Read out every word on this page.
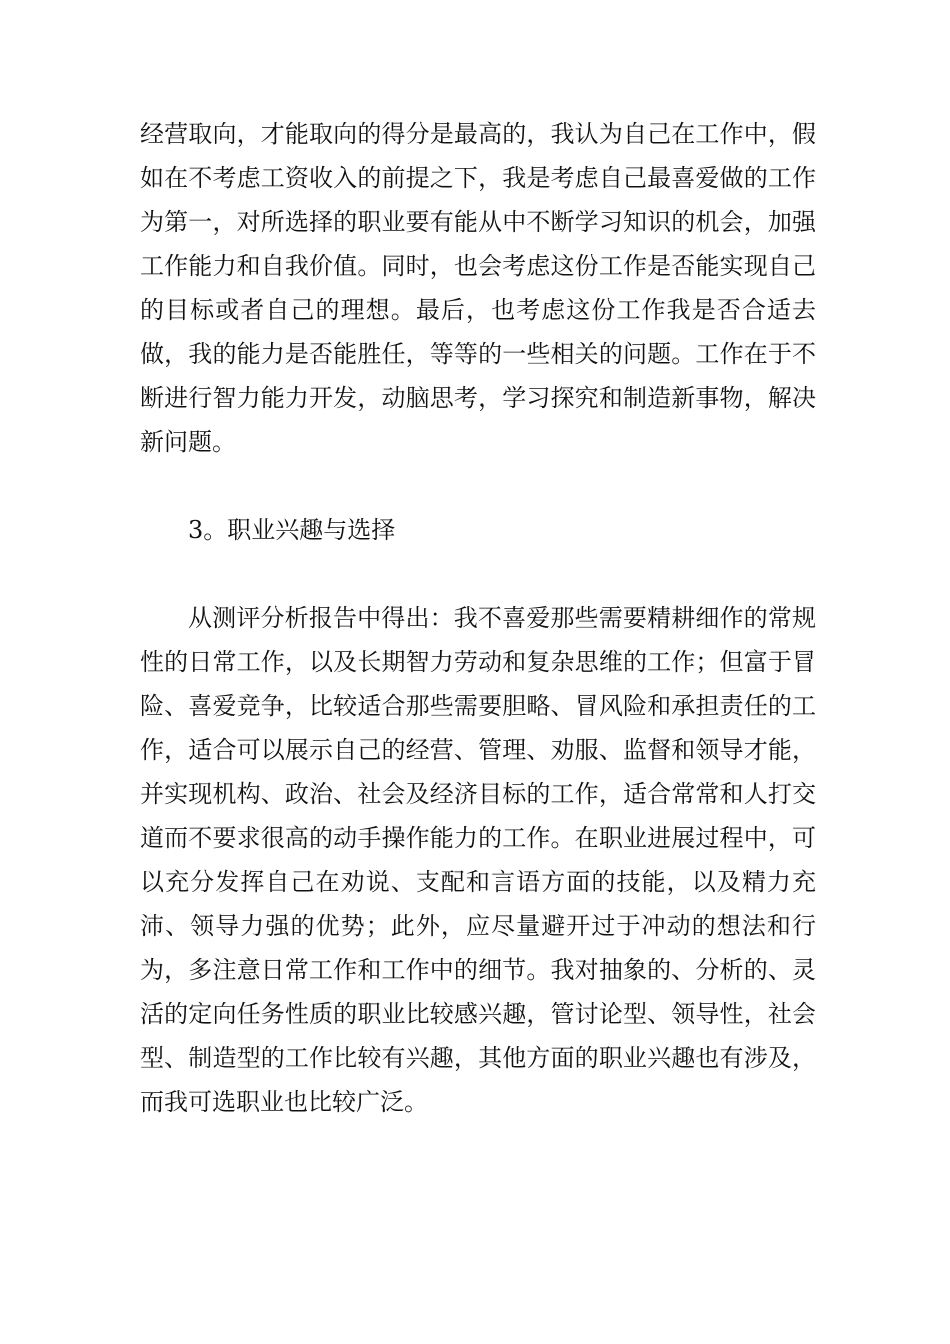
经营取向，才能取向的得分是最高的，我认为自己在工作中，假
如在不考虑工资收入的前提之下，我是考虑自己最喜爱做的工作
为第一，对所选择的职业要有能从中不断学习知识的机会，加强
工作能力和自我价值。同时，也会考虑这份工作是否能实现自己
的目标或者自己的理想。最后，也考虑这份工作我是否合适去
做，我的能力是否能胜任，等等的一些相关的问题。工作在于不
断进行智力能力开发，动脑思考，学习探究和制造新事物，解决
新问题。
3。职业兴趣与选择
从测评分析报告中得出：我不喜爱那些需要精耕细作的常规
性的日常工作，以及长期智力劳动和复杂思维的工作；但富于冒
险、喜爱竞争，比较适合那些需要胆略、冒风险和承担责任的工
作，适合可以展示自己的经营、管理、劝服、监督和领导才能，
并实现机构、政治、社会及经济目标的工作，适合常常和人打交
道而不要求很高的动手操作能力的工作。在职业进展过程中，可
以充分发挥自己在劝说、支配和言语方面的技能，以及精力充
沛、领导力强的优势；此外，应尽量避开过于冲动的想法和行
为，多注意日常工作和工作中的细节。我对抽象的、分析的、灵
活的定向任务性质的职业比较感兴趣，管讨论型、领导性，社会
型、制造型的工作比较有兴趣，其他方面的职业兴趣也有涉及，
而我可选职业也比较广泛。
